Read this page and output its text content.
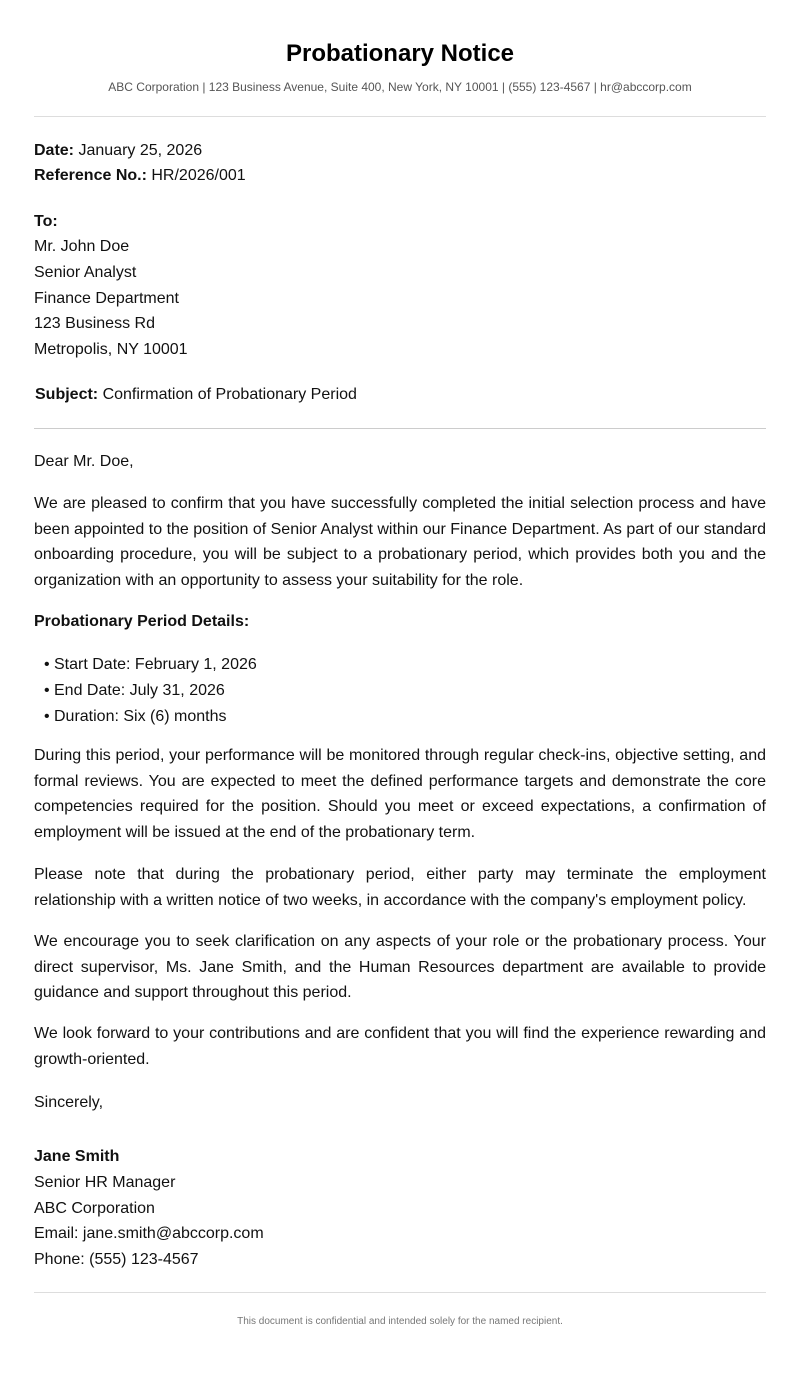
Probationary Notice
ABC Corporation | 123 Business Avenue, Suite 400, New York, NY 10001 | (555) 123-4567 | hr@abccorp.com
Date: January 25, 2026
Reference No.: HR/2026/001
To:
Mr. John Doe
Senior Analyst
Finance Department
123 Business Rd
Metropolis, NY 10001
Subject: Confirmation of Probationary Period
Dear Mr. Doe,

We are pleased to confirm that you have successfully completed the initial selection process and have been appointed to the position of Senior Analyst within our Finance Department. As part of our standard onboarding procedure, you will be subject to a probationary period, which provides both you and the organization with an opportunity to assess your suitability for the role.

Probationary Period Details:
• Start Date: February 1, 2026
• End Date: July 31, 2026
• Duration: Six (6) months

During this period, your performance will be monitored through regular check-ins, objective setting, and formal reviews. You are expected to meet the defined performance targets and demonstrate the core competencies required for the position. Should you meet or exceed expectations, a confirmation of employment will be issued at the end of the probationary term.

Please note that during the probationary period, either party may terminate the employment relationship with a written notice of two weeks, in accordance with the company's employment policy.

We encourage you to seek clarification on any aspects of your role or the probationary process. Your direct supervisor, Ms. Jane Smith, and the Human Resources department are available to provide guidance and support throughout this period.

We look forward to your contributions and are confident that you will find the experience rewarding and growth-oriented.

Sincerely,
Jane Smith
Senior HR Manager
ABC Corporation
Email: jane.smith@abccorp.com
Phone: (555) 123-4567
This document is confidential and intended solely for the named recipient.
